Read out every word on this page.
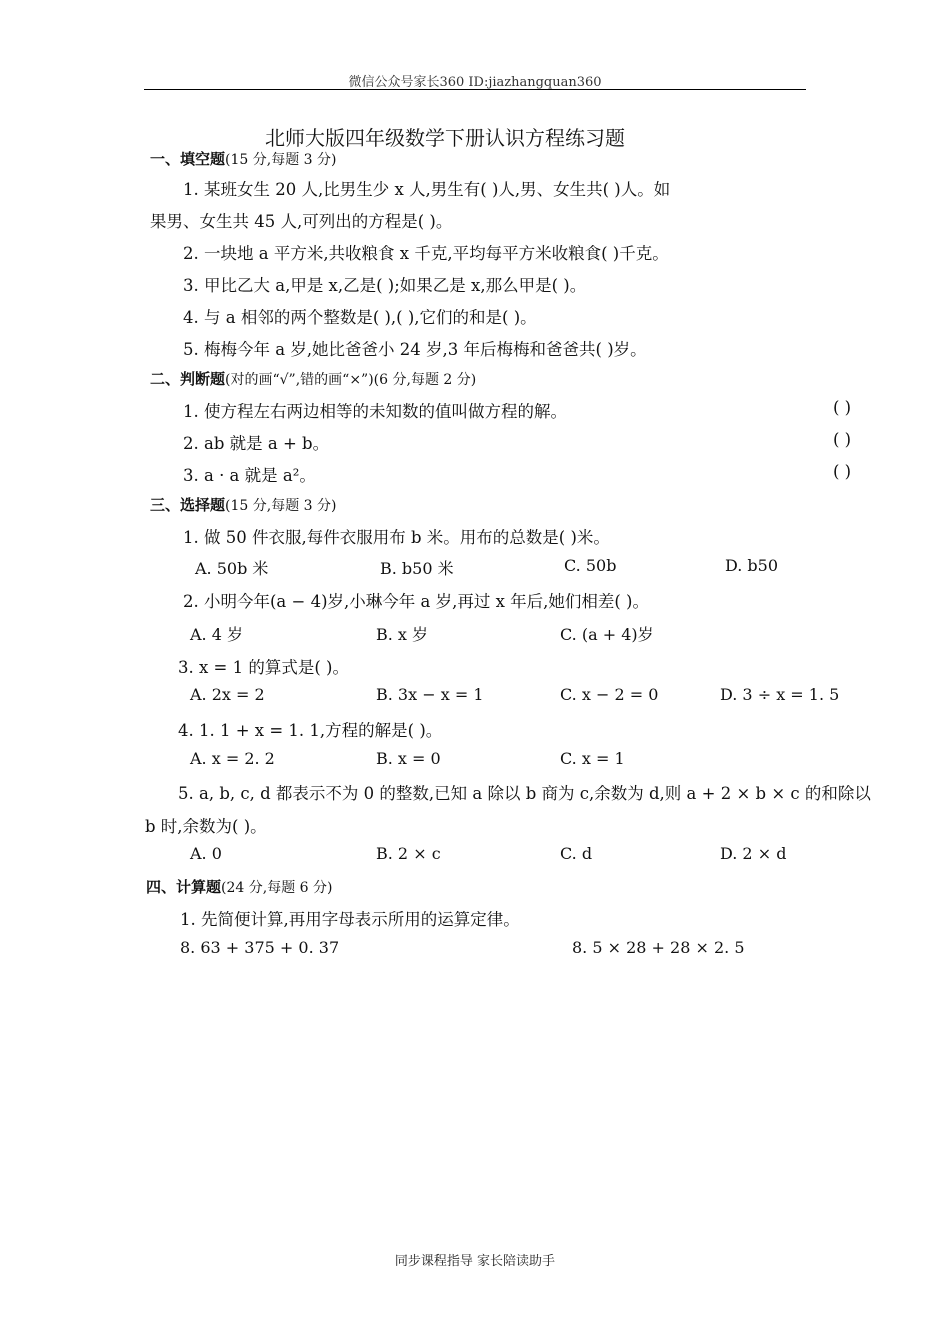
微信公众号家长360 ID:jiazhangquan360
北师大版四年级数学下册认识方程练习题
一、填空题(15 分,每题 3 分)
1. 某班女生 20 人,比男生少 x 人,男生有( )人,男、女生共( )人。如
果男、女生共 45 人,可列出的方程是( )。
2. 一块地 a 平方米,共收粮食 x 千克,平均每平方米收粮食( )千克。
3. 甲比乙大 a,甲是 x,乙是( );如果乙是 x,那么甲是( )。
4. 与 a 相邻的两个整数是( ),( ),它们的和是( )。
5. 梅梅今年 a 岁,她比爸爸小 24 岁,3 年后梅梅和爸爸共( )岁。
二、判断题(对的画“√”,错的画“×”)(6 分,每题 2 分)
1. 使方程左右两边相等的未知数的值叫做方程的解。	( )
2. ab 就是 a + b。	( )
3. a · a 就是 a²。	( )
三、选择题(15 分,每题 3 分)
1. 做 50 件衣服,每件衣服用布 b 米。用布的总数是( )米。
A. 50b 米	B. b50 米	C. 50b	D. b50
2. 小明今年(a − 4)岁,小琳今年 a 岁,再过 x 年后,她们相差( )。
A. 4 岁	B. x 岁	C. (a + 4)岁
3. x = 1 的算式是( )。
A. 2x = 2	B. 3x − x = 1	C. x − 2 = 0	D. 3 ÷ x = 1. 5
4. 1. 1 + x = 1. 1,方程的解是( )。
A. x = 2. 2	B. x = 0	C. x = 1
5. a, b, c, d 都表示不为 0 的整数,已知 a 除以 b 商为 c,余数为 d,则 a + 2 × b × c 的和除以
b 时,余数为( )。
A. 0	B. 2 × c	C. d	D. 2 × d
四、计算题(24 分,每题 6 分)
1. 先简便计算,再用字母表示所用的运算定律。
8. 63 + 375 + 0. 37	8. 5 × 28 + 28 × 2. 5
同步课程指导 家长陪读助手
